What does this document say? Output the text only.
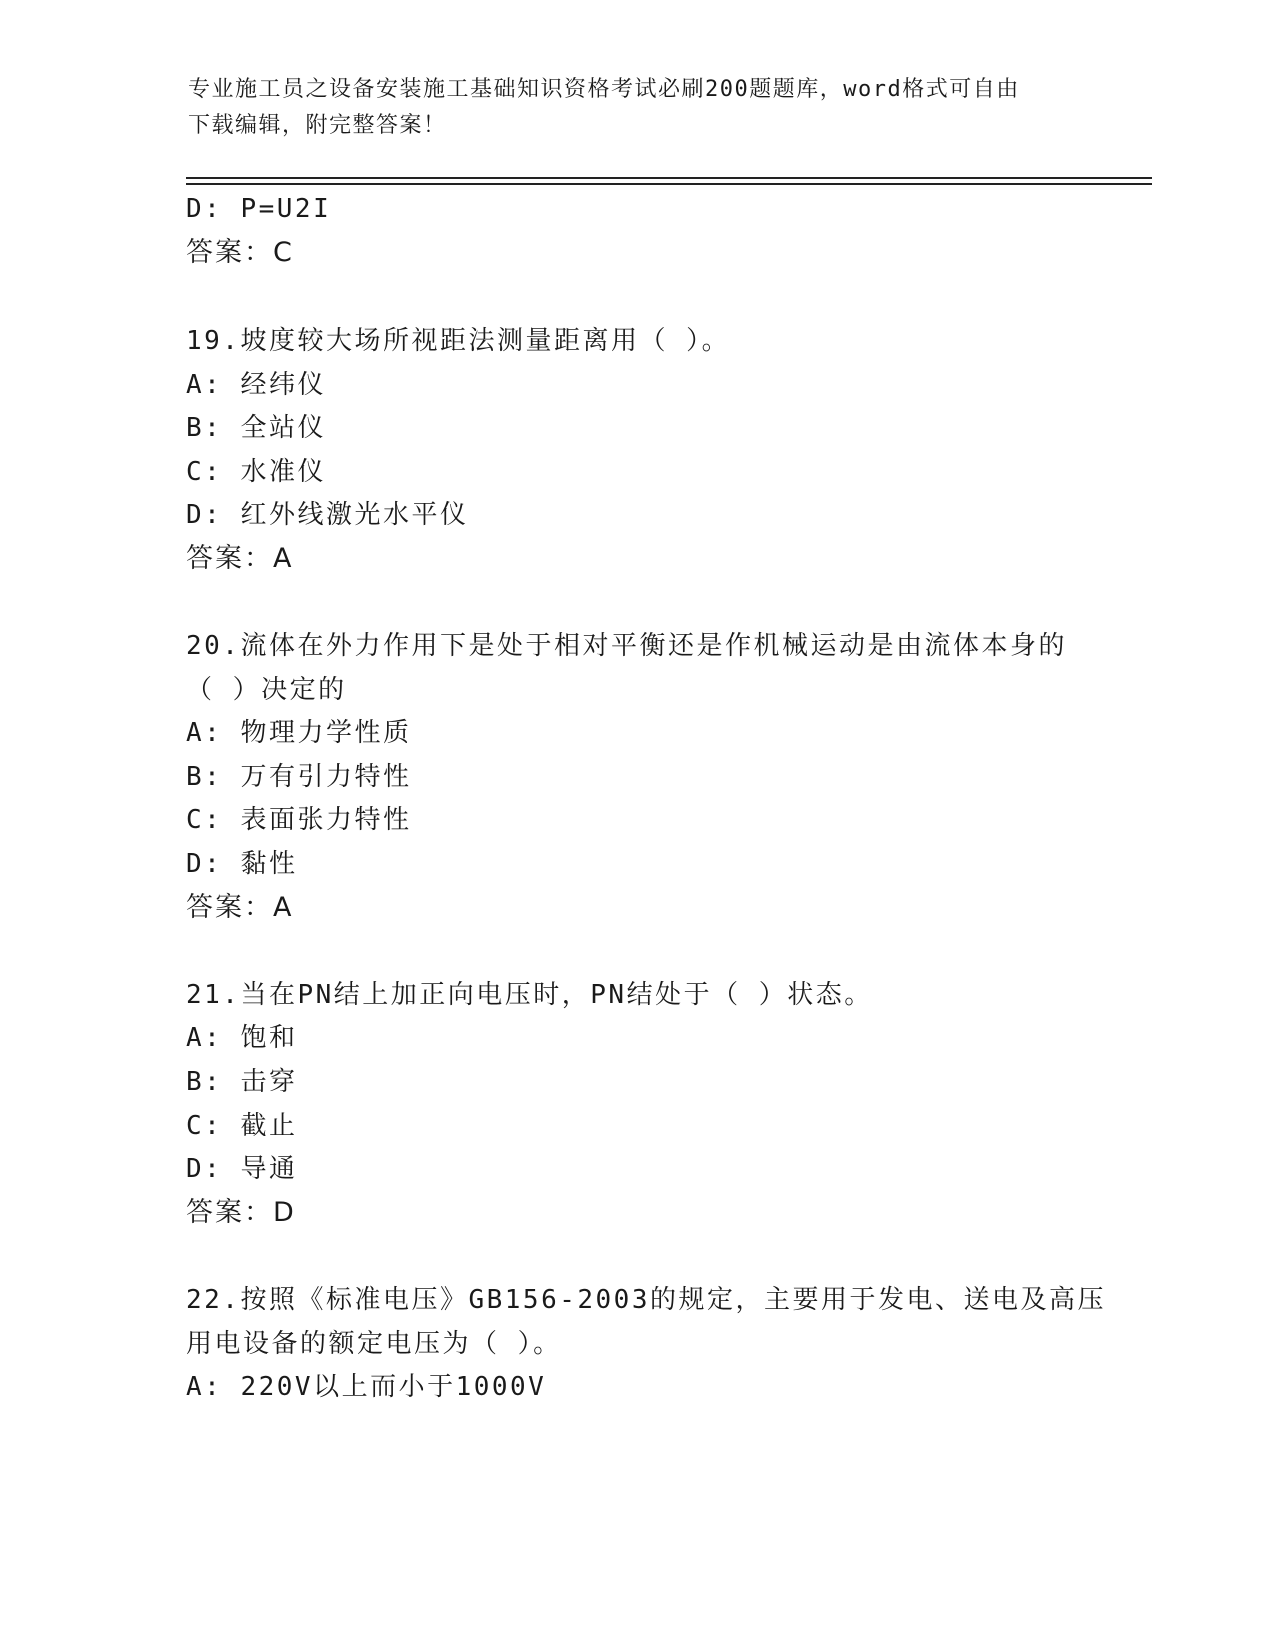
专业施工员之设备安装施工基础知识资格考试必刷200题题库，word格式可自由
下载编辑，附完整答案！
D: P=U2I
答案：C
19.坡度较大场所视距法测量距离用（ ）。
A: 经纬仪
B: 全站仪
C: 水准仪
D: 红外线激光水平仪
答案：A
20.流体在外力作用下是处于相对平衡还是作机械运动是由流体本身的
（ ）决定的
A: 物理力学性质
B: 万有引力特性
C: 表面张力特性
D: 黏性
答案：A
21.当在PN结上加正向电压时，PN结处于（ ）状态。
A: 饱和
B: 击穿
C: 截止
D: 导通
答案：D
22.按照《标准电压》GB156-2003的规定，主要用于发电、送电及高压
用电设备的额定电压为（ ）。
A: 220V以上而小于1000V
